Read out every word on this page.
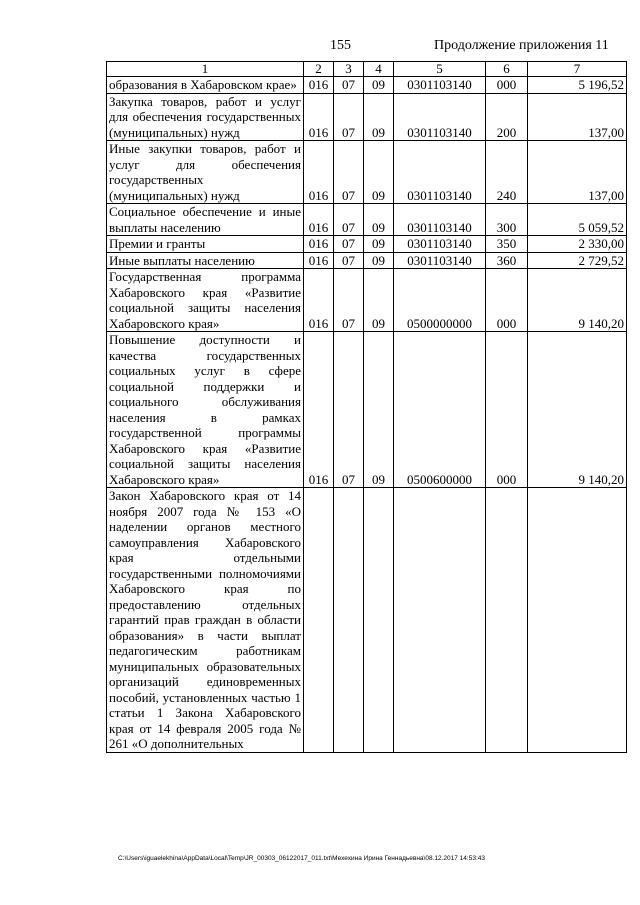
155	Продолжение приложения 11
1	2	3	4	5	6	7
образования в Хабаровском крае»	016	07	09	0301103140	000	5 196,52
Закупка товаров, работ и услуг для обеспечения государственных (муниципальных) нужд	016	07	09	0301103140	200	137,00
Иные закупки товаров, работ и услуг для обеспечения государственных (муниципальных) нужд	016	07	09	0301103140	240	137,00
Социальное обеспечение и иные выплаты населению	016	07	09	0301103140	300	5 059,52
Премии и гранты	016	07	09	0301103140	350	2 330,00
Иные выплаты населению	016	07	09	0301103140	360	2 729,52
Государственная программа Хабаровского края «Развитие социальной защиты населения Хабаровского края»	016	07	09	0500000000	000	9 140,20
Повышение доступности и качества государственных социальных услуг в сфере социальной поддержки и социального обслуживания населения в рамках государственной программы Хабаровского края «Развитие социальной защиты населения Хабаровского края»	016	07	09	0500600000	000	9 140,20
Закон Хабаровского края от 14 ноября 2007 года № 153 «О наделении органов местного самоуправления Хабаровского края отдельными государственными полномочиями Хабаровского края по предоставлению отдельных гарантий прав граждан в области образования» в части выплат педагогическим работникам муниципальных образовательных организаций единовременных пособий, установленных частью 1 статьи 1 Закона Хабаровского края от 14 февраля 2005 года № 261 «О дополнительных						
C:\Users\iguaelekhina\AppData\Local\Temp\JR_00303_06122017_011.txt\Мехехина Ирина Геннадьевна\08.12.2017 14:53:43
